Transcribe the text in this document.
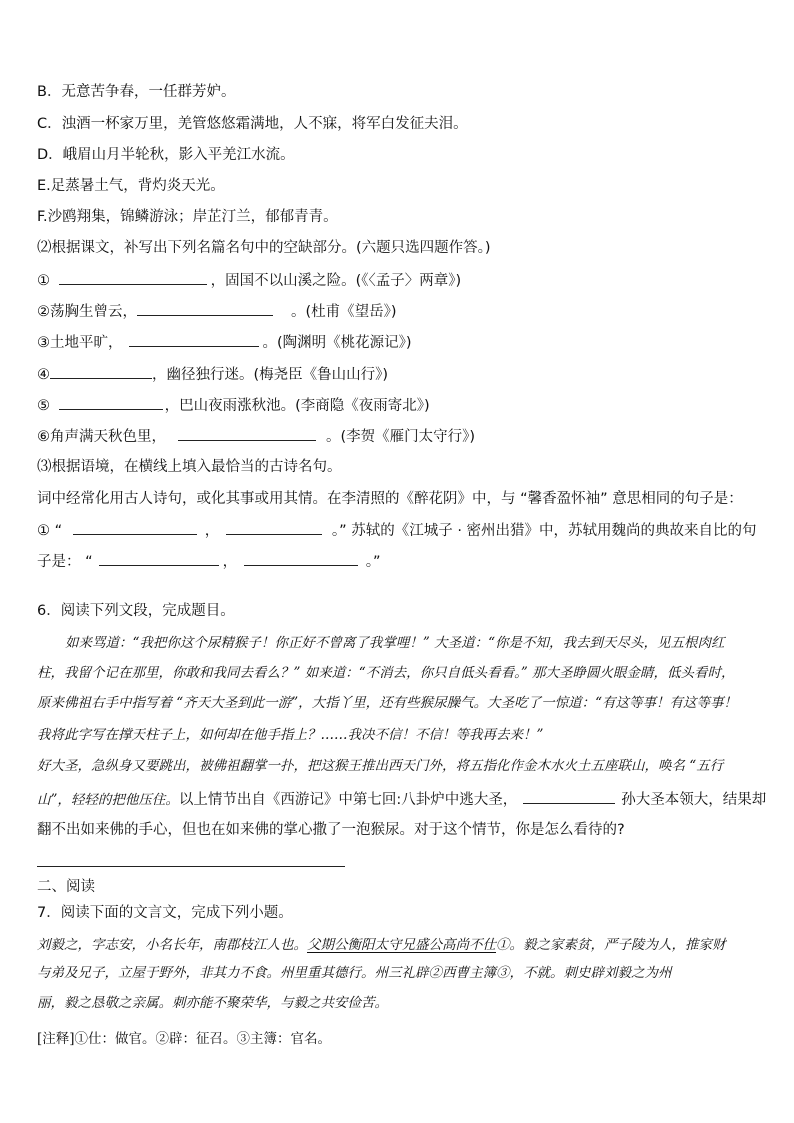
B．无意苦争春，一任群芳妒。
C．浊酒一杯家万里，羌管悠悠霜满地，人不寐，将军白发征夫泪。
D．峨眉山月半轮秋，影入平羌江水流。
E.足蒸暑土气，背灼炎天光。
F.沙鸥翔集，锦鳞游泳；岸芷汀兰，郁郁青青。
⑵根据课文，补写出下列名篇名句中的空缺部分。(六题只选四题作答。)
①	，固国不以山溪之险。(《〈孟子〉两章》)
②荡胸生曾云，	。(杜甫《望岳》)
③土地平旷，	。(陶渊明《桃花源记》)
④	，幽径独行迷。(梅尧臣《鲁山山行》)
⑤	，巴山夜雨涨秋池。(李商隐《夜雨寄北》)
⑥角声满天秋色里，	。(李贺《雁门太守行》)
⑶根据语境，在横线上填入最恰当的古诗名句。
词中经常化用古人诗句，或化其事或用其情。在李清照的《醉花阴》中，与 “馨香盈怀袖” 意思相同的句子是：
① “	，	。” 苏轼的《江城子 · 密州出猎》中，苏轼用魏尚的典故来自比的句
子是： “	，	。”
6．阅读下列文段，完成题目。
如来骂道：“我把你这个尿精猴子！你正好不曾离了我掌哩！” 大圣道：“你是不知，我去到天尽头，见五根肉红
柱，我留个记在那里，你敢和我同去看么？” 如来道：“不消去，你只自低头看看。” 那大圣睁圆火眼金睛，低头看时，
原来佛祖右手中指写着 “齐天大圣到此一游”，大指丫里，还有些猴尿臊气。大圣吃了一惊道：“有这等事！有这等事！
我将此字写在撑天柱子上，如何却在他手指上？……我决不信！不信！等我再去来！”
好大圣，急纵身又要跳出，被佛祖翻掌一扑，把这猴王推出西天门外，将五指化作金木水火土五座联山，唤名 “五行
山”，轻轻的把他压住。以上情节出自《西游记》中第七回:八卦炉中逃大圣，	孙大圣本领大，结果却
翻不出如来佛的手心，但也在如来佛的掌心撒了一泡猴尿。对于这个情节，你是怎么看待的?
二、阅读
7．阅读下面的文言文，完成下列小题。
刘毅之，字志安，小名长年，南郡枝江人也。父期公衡阳太守兄盛公高尚不仕①。毅之家素贫，严子陵为人，推家财
与弟及兄子，立屋于野外，非其力不食。州里重其德行。州三礼辟②西曹主簿③，不就。刺史辟刘毅之为州
丽，毅之恳敬之亲属。刺亦能不聚荣华，与毅之共安俭苦。
[注释]①仕：做官。②辟：征召。③主簿：官名。
